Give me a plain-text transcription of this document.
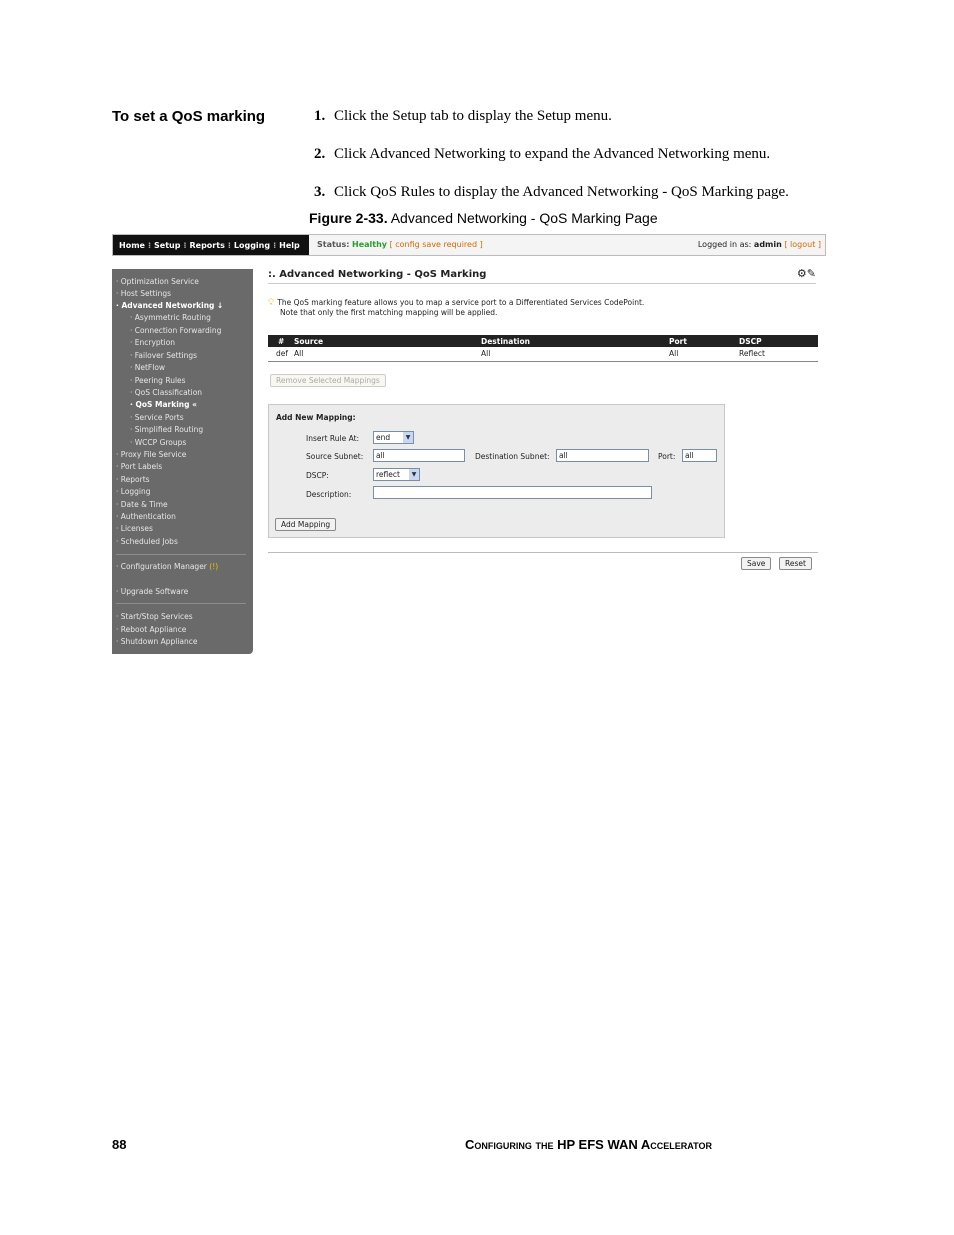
To set a QoS marking	1. Click the Setup tab to display the Setup menu.
2. Click Advanced Networking to expand the Advanced Networking menu.
3. Click QoS Rules to display the Advanced Networking - QoS Marking page.
Figure 2-33. Advanced Networking - QoS Marking Page
Home ⁝ Setup ⁝ Reports ⁝ Logging ⁝ Help Status: Healthy [ config save required ]	Logged in as: admin [ logout ]
· Optimization Service
· Host Settings
· Advanced Networking ↓
· Asymmetric Routing
· Connection Forwarding
· Encryption
· Failover Settings
· NetFlow
· Peering Rules
· QoS Classification
· QoS Marking «
· Service Ports
· Simplified Routing
· WCCP Groups
· Proxy File Service
· Port Labels
· Reports
· Logging
· Date & Time
· Authentication
· Licenses
· Scheduled Jobs
· Configuration Manager (!)
· Upgrade Software
· Start/Stop Services
· Reboot Appliance
· Shutdown Appliance
:. Advanced Networking - QoS Marking	⚙✎
💡︎ The QoS marking feature allows you to map a service port to a Differentiated Services CodePoint.
Note that only the first matching mapping will be applied.
# Source	Destination	Port	DSCP
def All	All	All	Reflect
Remove Selected Mappings
Add New Mapping:
Insert Rule At:	end	▼
Source Subnet:	all	Destination Subnet:	all	Port:	all
DSCP:	reflect	▼
Description:
Add Mapping
Save	Reset
88	Configuring the HP EFS WAN Accelerator
